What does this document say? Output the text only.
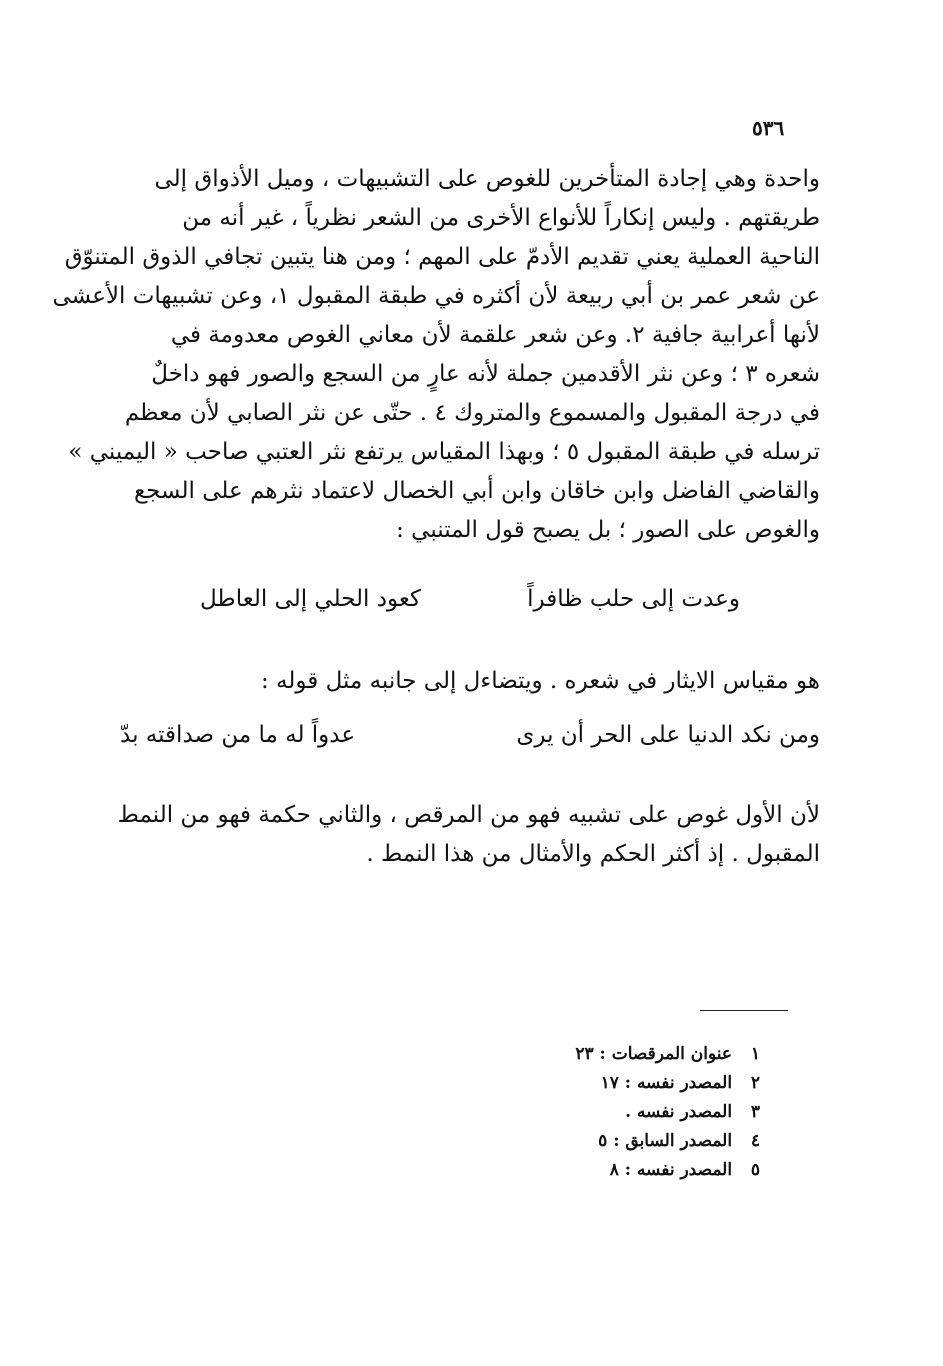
٥٣٦
واحدة وهي إجادة المتأخرين للغوص على التشبيهات ، وميل الأذواق إلى
طريقتهم . وليس إنكاراً للأنواع الأخرى من الشعر نظرياً ، غير أنه من
الناحية العملية يعني تقديم الأدمّ على المهم ؛ ومن هنا يتبين تجافي الذوق المتنوّق
عن شعر عمر بن أبي ربيعة لأن أكثره في طبقة المقبول ١، وعن تشبيهات الأعشى
لأنها أعرابية جافية ٢. وعن شعر علقمة لأن معاني الغوص معدومة في
شعره ٣ ؛ وعن نثر الأقدمين جملة لأنه عارٍ من السجع والصور فهو داخلٌ
في درجة المقبول والمسموع والمتروك ٤ . حتّى عن نثر الصابي لأن معظم
ترسله في طبقة المقبول ٥ ؛ وبهذا المقياس يرتفع نثر العتبي صاحب « اليميني »
والقاضي الفاضل وابن خاقان وابن أبي الخصال لاعتماد نثرهم على السجع
والغوص على الصور ؛ بل يصبح قول المتنبي :
وعدت إلى حلب ظافراً
كعود الحلي إلى العاطل
هو مقياس الايثار في شعره . ويتضاءل إلى جانبه مثل قوله :
ومن نكد الدنيا على الحر أن يرى
عدواً له ما من صداقته بدّ
لأن الأول غوص على تشبيه فهو من المرقص ، والثاني حكمة فهو من النمط
المقبول . إذ أكثر الحكم والأمثال من هذا النمط .
١ عنوان المرقصات : ٢٣
٢ المصدر نفسه : ١٧
٣ المصدر نفسه .
٤ المصدر السابق : ٥
٥ المصدر نفسه : ٨
